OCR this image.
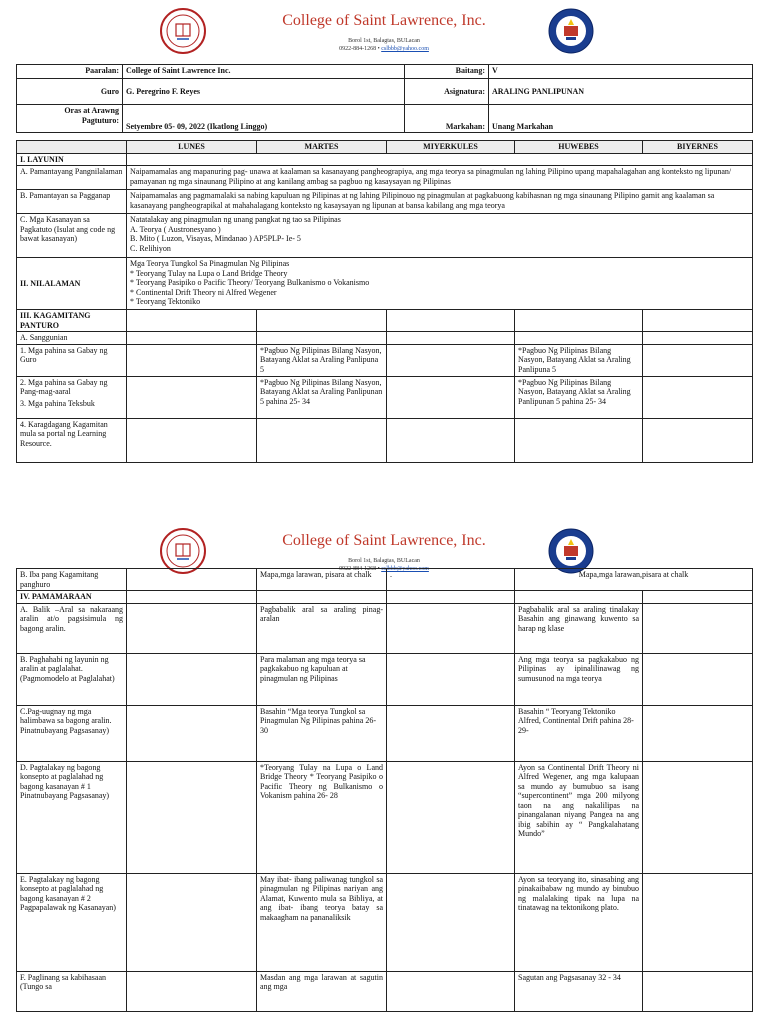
College of Saint Lawrence, Inc.
Borol 1st, Balagtas, BULacan
0922-884-1268 • cslbbb@yahoo.com
Paaralan:	College of Saint Lawrence Inc.	Baitang:	V
Guro	G. Peregrino F. Reyes	Asignatura:	ARALING PANLIPUNAN

Oras at Arawng
Pagtuturo:	Setyembre 05- 09, 2022 (Ikatlong Linggo)	Markahan:	Unang Markahan
	LUNES	MARTES	MIYERKULES	HUWEBES	BIYERNES
I. LAYUNIN					
A. Pamantayang Pangnilalaman	Naipamamalas ang mapanuring pag- unawa at kaalaman sa kasanayang pangheograpiya, ang mga teorya sa pinagmulan ng lahing Pilipino upang mapahalagahan ang konteksto ng lipunan/ pamayanan ng mga sinaunang Pilipino at ang kanilang ambag sa pagbuo ng kasaysayan ng Pilipinas				
B. Pamantayan sa Pagganap	Naipamamalas ang pagmamalaki sa nabing kapuluan ng Pilipinas at ng lahing Pilipinouo ng pinagmulan at pagkabuong kabihasnan ng mga sinaunang Pilipino gamit ang kaalaman sa kasanayang pangheograpikal at mahahalagang konteksto ng kasaysayan ng lipunan at bansa kabilang ang mga teorya				
C. Mga Kasanayan sa Pagkatuto (Isulat ang code ng bawat kasanayan)	Natatalakay ang pinagmulan ng unang pangkat ng tao sa Pilipinas
A. Teorya ( Austronesyano )
B. Mito ( Luzon, Visayas, Mindanao ) AP5PLP- Ie- 5
C. Relihiyon				

II. NILALAMAN	Mga Teorya Tungkol Sa Pinagmulan Ng Pilipinas
* Teoryang Tulay na Lupa o Land Bridge Theory
* Teoryang Pasipiko o Pacific Theory/ Teoryang Bulkanismo o Vokanismo
* Continental Drift Theory ni Alfred Wegener
* Teoryang Tektoniko				

III. KAGAMITANG PANTURO					
A. Sanggunian					
1. Mga pahina sa Gabay ng Guro		*Pagbuo Ng Pilipinas Bilang Nasyon, Batayang Aklat sa Araling Panlipuna 5		*Pagbuo Ng Pilipinas Bilang Nasyon, Batayang Aklat sa Araling Panlipuna 5	

2. Mga pahina sa Gabay ng Pang-mag-aaral
3. Mga pahina Teksbuk		*Pagbuo Ng Pilipinas Bilang Nasyon, Batayang Aklat sa Araling Panlipunan 5 pahina 25- 34		*Pagbuo Ng Pilipinas Bilang Nasyon, Batayang Aklat sa Araling Panlipunan 5 pahina 25- 34	
4. Karagdagang Kagamitan mula sa portal ng Learning Resource.					
College of Saint Lawrence, Inc.
Borol 1st, Balagtas, BULacan
0922-884-1268 • cslbbb@yahoo.com
B. Iba pang Kagamitang panghuro		Mapa,mga larawan, pisara at chalk	.	Mapa,mga larawan,pisara at chalk	
IV. PAMAMARAAN					
A. Balik –Aral sa nakaraang aralin at/o pagsisimula ng bagong aralin.		Pagbabalik aral sa araling pinag- aralan		Pagbabalik aral sa araling tinalakay Basahin ang ginawang kuwento sa harap ng klase	
B. Paghahabi ng layunin ng aralin at paglalahat. (Pagmomodelo at Paglalahat)		Para malaman ang mga teorya sa pagkakabuo ng kapuluan at pinagmulan ng Pilipinas		Ang mga teorya sa pagkakabuo ng Pilipinas ay ipinalilinawag ng sumusunod na mga teorya	
C.Pag-uugnay ng mga halimbawa sa bagong aralin. Pinatnubayang Pagsasanay)		Basahin “Mga teorya Tungkol sa Pinagmulan Ng Pilipinas pahina 26- 30		Basahin “ Teoryang Tektoniko Alfred, Continental Drift pahina 28- 29-	
D. Pagtalakay ng bagong konsepto at paglalahad ng bagong kasanayan # 1 Pinatnubayang Pagsasanay)		*Teoryang Tulay na Lupa o Land Bridge Theory * Teoryang Pasipiko o Pacific Theory ng Bulkanismo o Vokanism pahina 26- 28		Ayon sa Continental Drift Theory ni Alfred Wegener, ang mga kalupaan sa mundo ay bumubuo sa isang “supercontinent” mga 200 milyong taon na ang nakalilipas na pinangalanan niyang Pangea na ang ibig sabihin ay “ Pangkalahatang Mundo”	
E. Pagtalakay ng bagong konsepto at paglalahad ng bagong kasanayan # 2 Pagpapalawak ng Kasanayan)		May ibat- ibang paliwanag tungkol sa pinagmulan ng Pilipinas nariyan ang Alamat, Kuwento mula sa Bibliya, at ang ibat- ibang teorya batay sa makaagham na pananaliksik		Ayon sa teoryang ito, sinasabing ang pinakaibabaw ng mundo ay binubuo ng malalaking tipak na lupa na tinatawag na tektonikong plato.	
F. Paglinang sa kabihasaan (Tungo sa		Masdan ang mga larawan at sagutin ang mga		Sagutan ang Pagsasanay 32 - 34	
